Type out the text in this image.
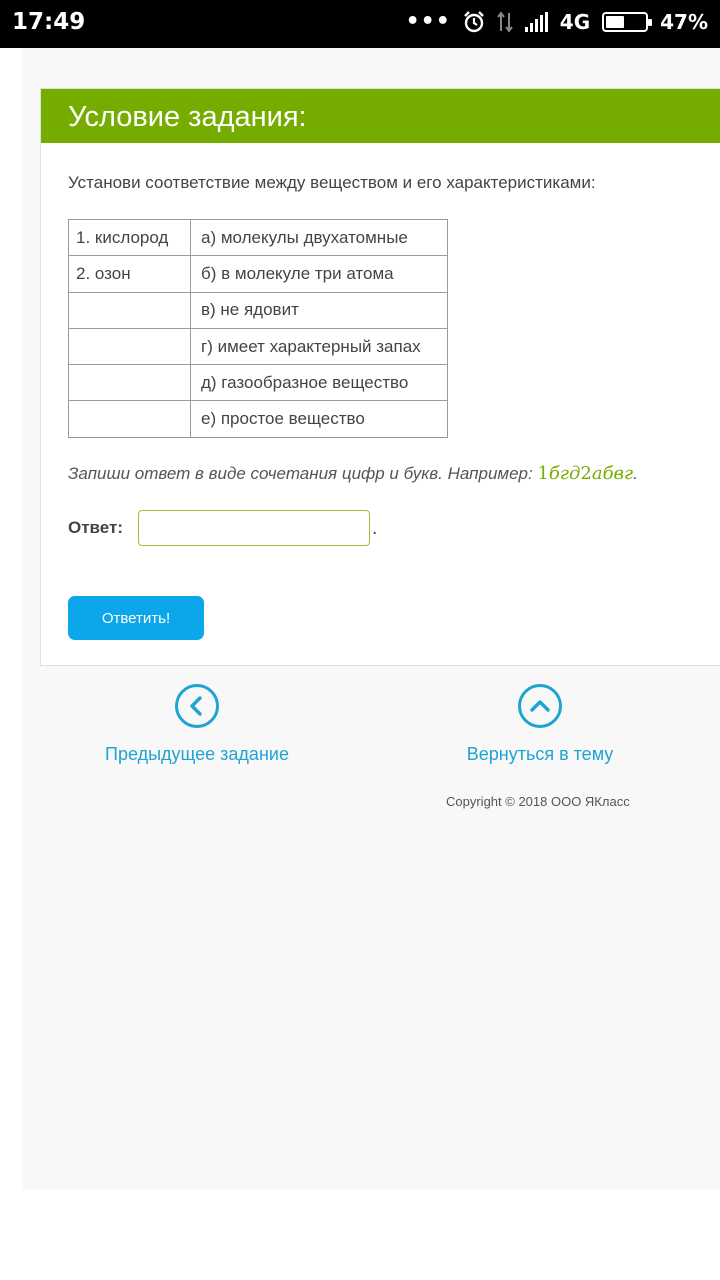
17:49	•••	4G	47%
Условие задания:
Установи соответствие между веществом и его характеристиками:
1. кислород	а) молекулы двухатомные
2. озон	б) в молекуле три атома
	в) не ядовит
	г) имеет характерный запах
	д) газообразное вещество
	е) простое вещество
Запиши ответ в виде сочетания цифр и букв. Например: 1бгд2абвг.
Ответ:	.
Ответить!
Предыдущее задание	Вернуться в тему
Copyright © 2018 ООО ЯКласс
